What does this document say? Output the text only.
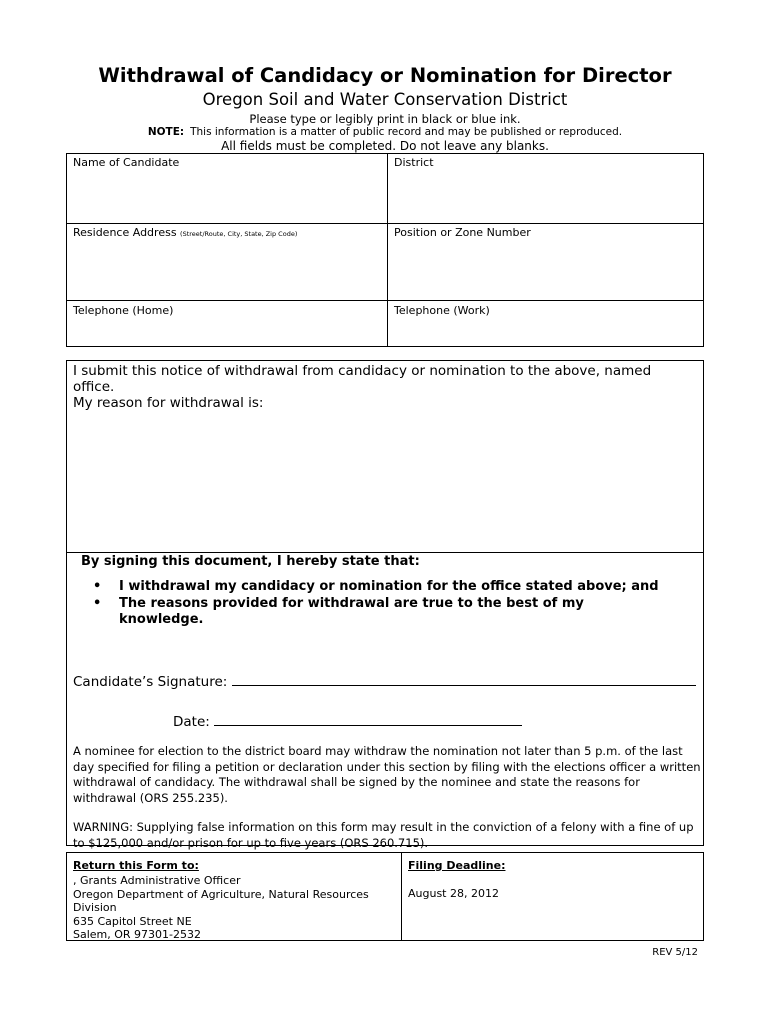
Withdrawal of Candidacy or Nomination for Director
Oregon Soil and Water Conservation District
Please type or legibly print in black or blue ink.
NOTE: This information is a matter of public record and may be published or reproduced.
All fields must be completed. Do not leave any blanks.
Name of Candidate	District
Residence Address (Street/Route, City, State, Zip Code)	Position or Zone Number
Telephone (Home)	Telephone (Work)
I submit this notice of withdrawal from candidacy or nomination to the above, named office.
My reason for withdrawal is:
By signing this document, I hereby state that:
• I withdrawal my candidacy or nomination for the office stated above; and
• The reasons provided for withdrawal are true to the best of my knowledge.
Candidate’s Signature:
Date:
A nominee for election to the district board may withdraw the nomination not later than 5 p.m. of the last day specified for filing a petition or declaration under this section by filing with the elections officer a written withdrawal of candidacy. The withdrawal shall be signed by the nominee and state the reasons for withdrawal (ORS 255.235).
WARNING: Supplying false information on this form may result in the conviction of a felony with a fine of up to $125,000 and/or prison for up to five years (ORS 260.715).
Return this Form to:
, Grants Administrative Officer
Oregon Department of Agriculture, Natural Resources Division
635 Capitol Street NE
Salem, OR 97301-2532
Filing Deadline:
August 28, 2012
REV 5/12
